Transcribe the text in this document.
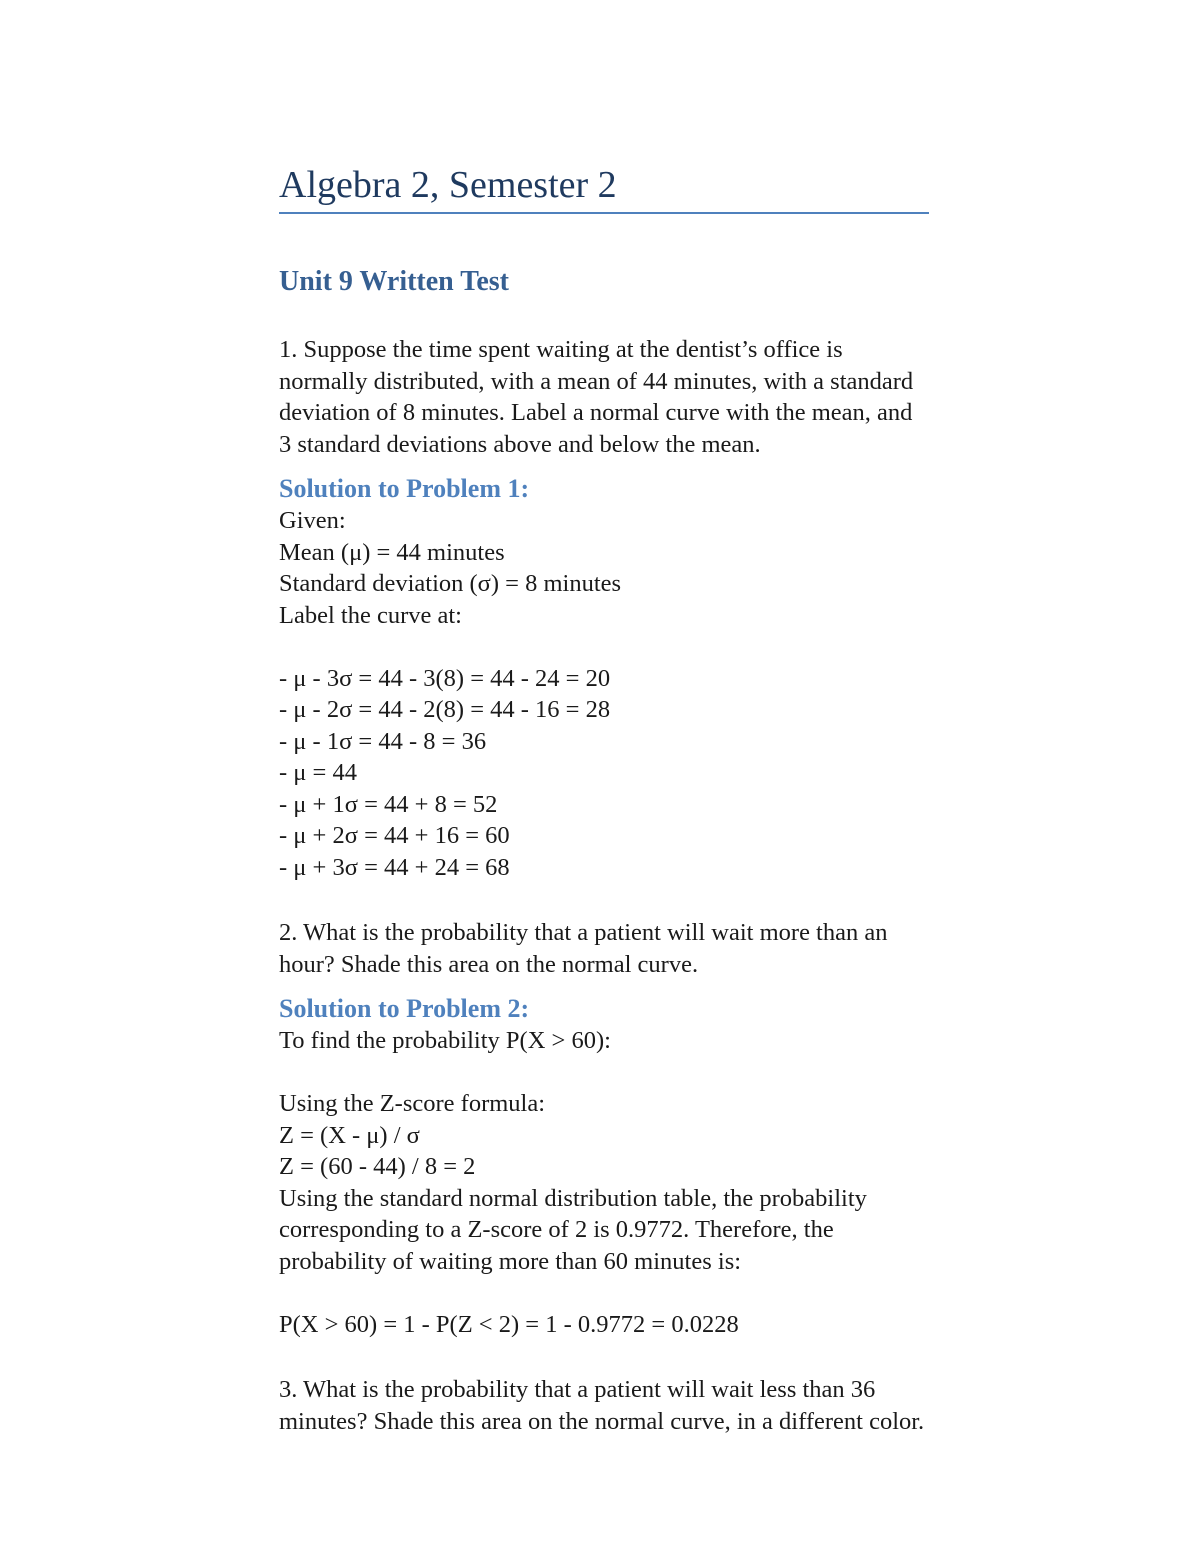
Algebra 2, Semester 2
Unit 9 Written Test

1. Suppose the time spent waiting at the dentist’s office is normally distributed, with a mean of 44 minutes, with a standard deviation of 8 minutes. Label a normal curve with the mean, and 3 standard deviations above and below the mean.

Solution to Problem 1:

Given:

Mean (μ) = 44 minutes

Standard deviation (σ) = 8 minutes

Label the curve at:

- μ - 3σ = 44 - 3(8) = 44 - 24 = 20
- μ - 2σ = 44 - 2(8) = 44 - 16 = 28
- μ - 1σ = 44 - 8 = 36
- μ = 44
- μ + 1σ = 44 + 8 = 52
- μ + 2σ = 44 + 16 = 60
- μ + 3σ = 44 + 24 = 68

2. What is the probability that a patient will wait more than an hour? Shade this area on the normal curve.

Solution to Problem 2:

To find the probability P(X > 60):

Using the Z-score formula:

Z = (X - μ) / σ

Z = (60 - 44) / 8 = 2

Using the standard normal distribution table, the probability corresponding to a Z-score of 2 is 0.9772. Therefore, the probability of waiting more than 60 minutes is:

P(X > 60) = 1 - P(Z < 2) = 1 - 0.9772 = 0.0228

3. What is the probability that a patient will wait less than 36 minutes? Shade this area on the normal curve, in a different color.
